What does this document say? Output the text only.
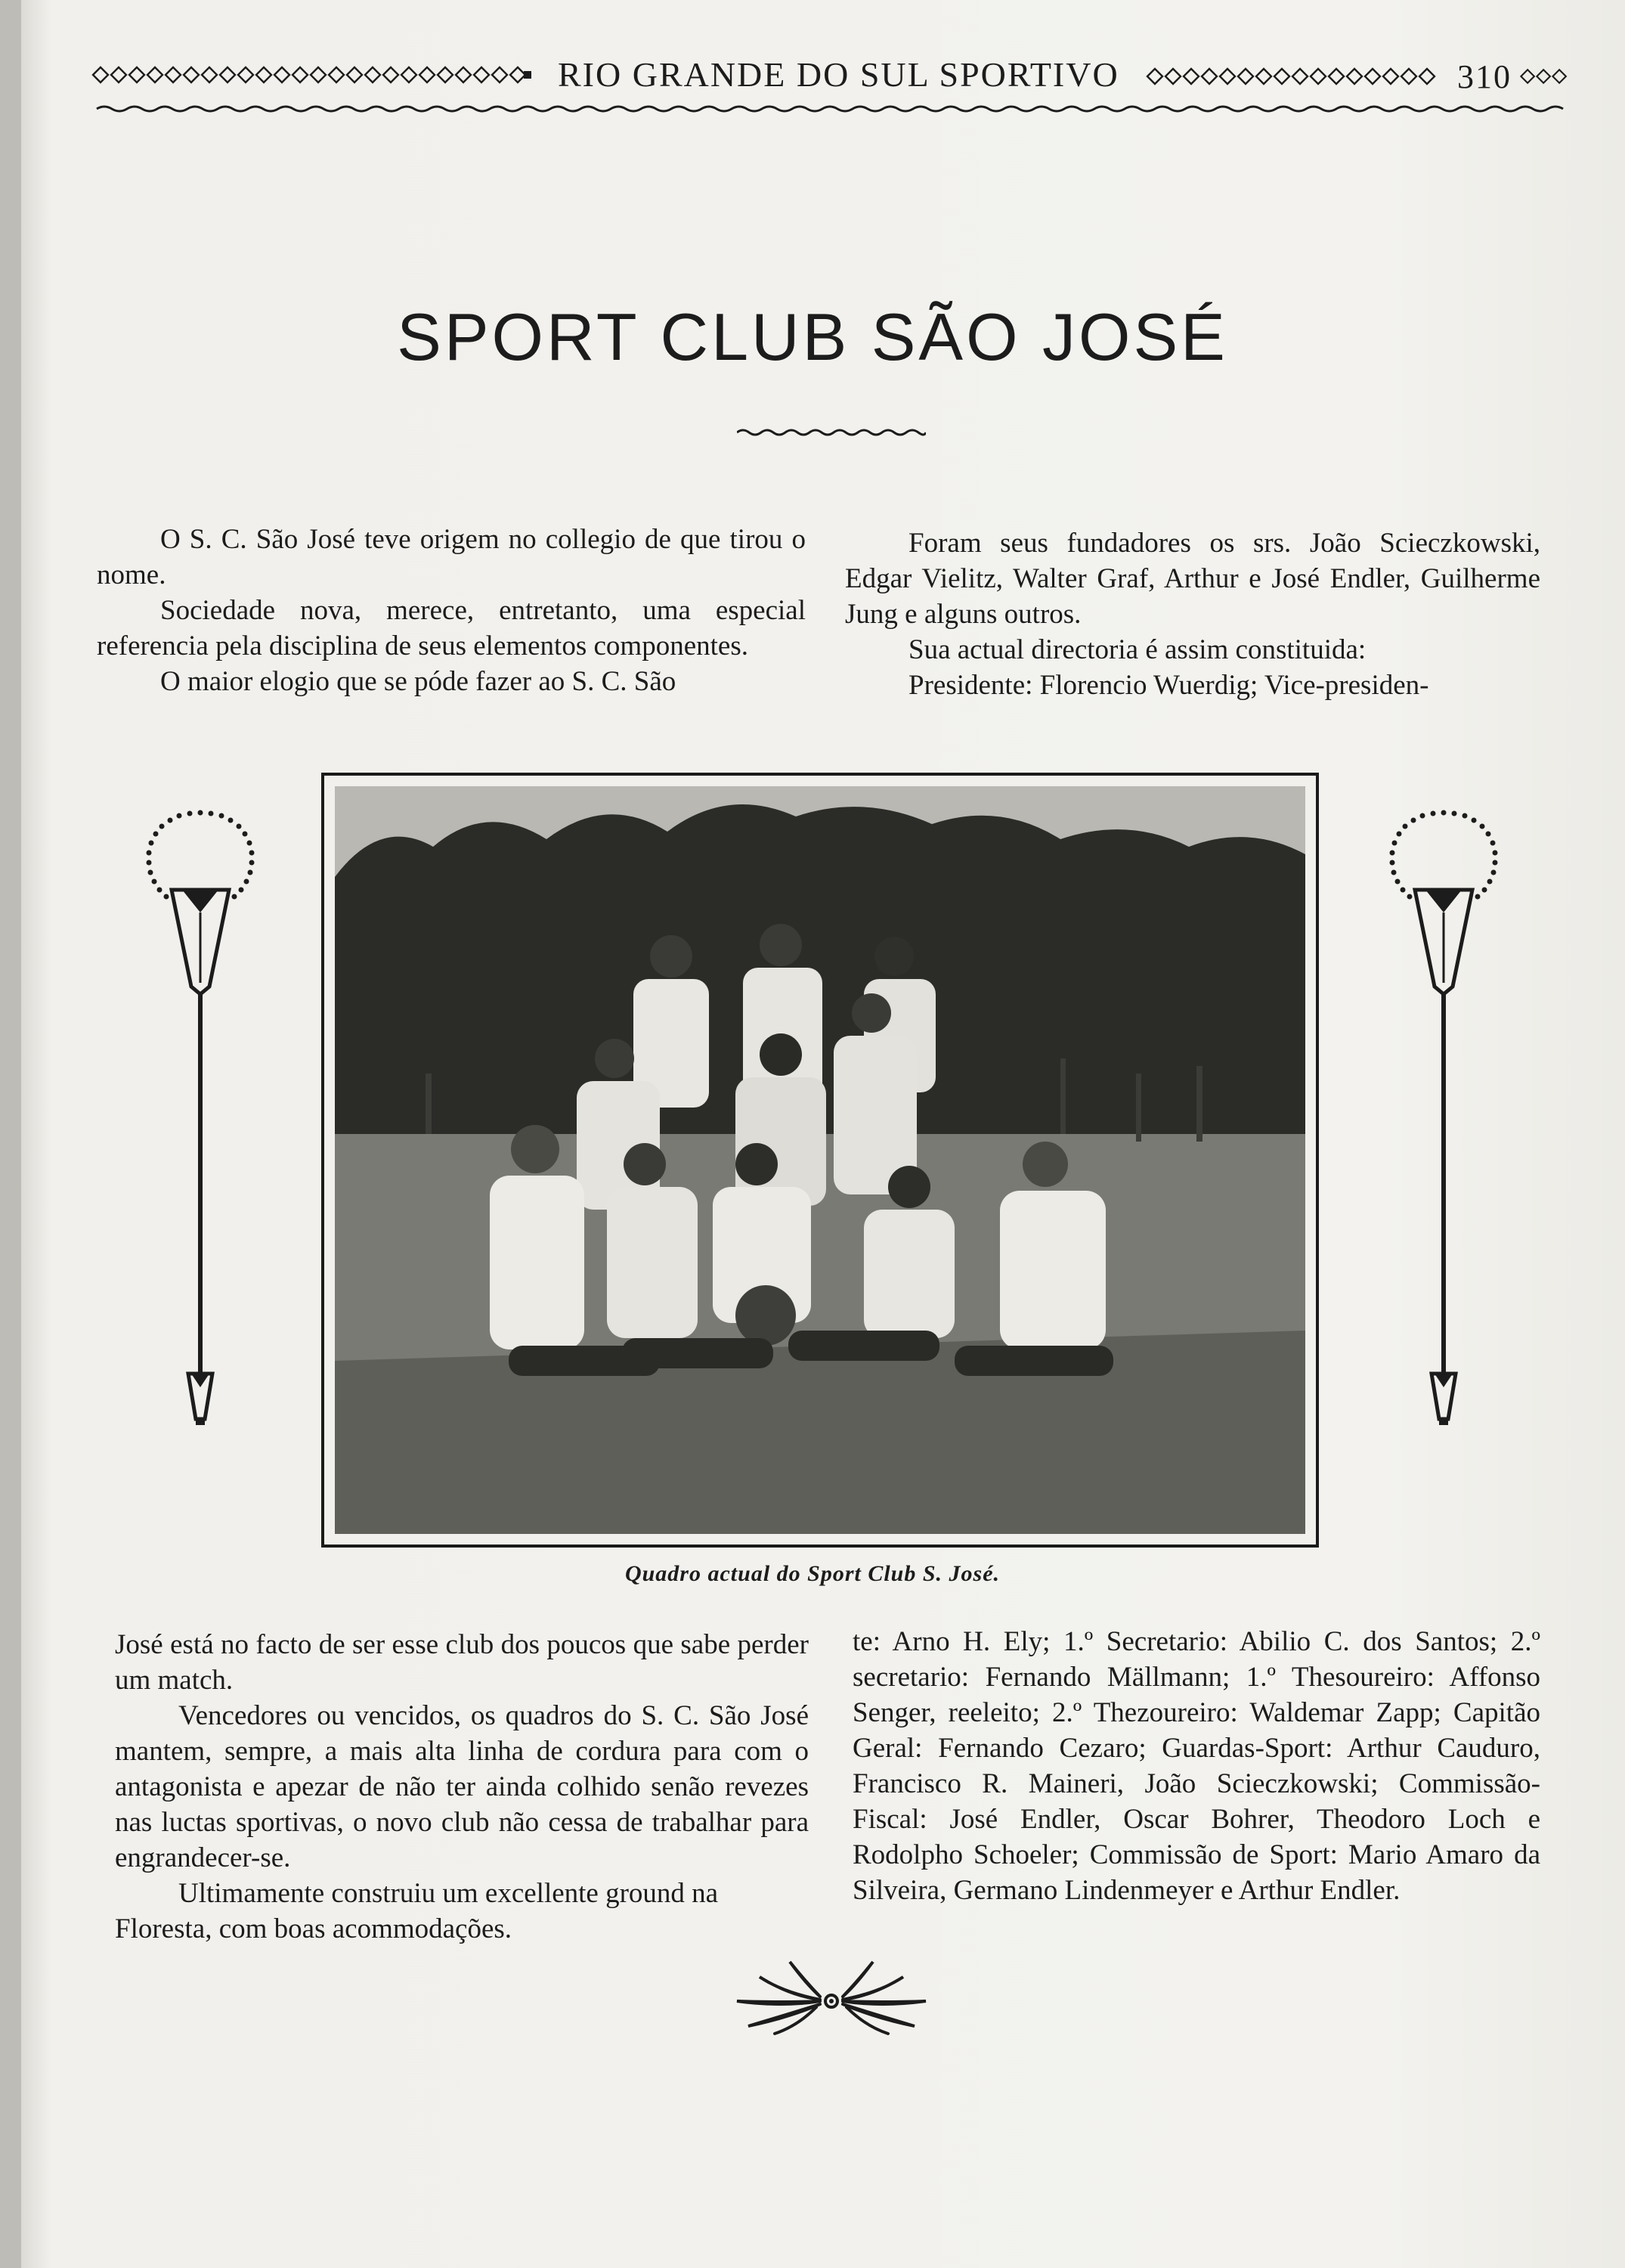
RIO GRANDE DO SUL SPORTIVO	310
SPORT CLUB SÃO JOSÉ

O S. C. São José teve origem no collegio de que tirou o nome.

Sociedade nova, merece, entretanto, uma especial referencia pela disciplina de seus elementos componentes.

O maior elogio que se póde fazer ao S. C. São

Foram seus fundadores os srs. João Scieczkowski, Edgar Vielitz, Walter Graf, Arthur e José Endler, Guilherme Jung e alguns outros.

Sua actual directoria é assim constituida:

Presidente: Florencio Wuerdig; Vice-presiden-

Quadro actual do Sport Club S. José.

José está no facto de ser esse club dos poucos que sabe perder um match.

Vencedores ou vencidos, os quadros do S. C. São José mantem, sempre, a mais alta linha de cordura para com o antagonista e apezar de não ter ainda colhido senão revezes nas luctas sportivas, o novo club não cessa de trabalhar para engrandecer-se.

Ultimamente construiu um excellente ground na Floresta, com boas acommodações.

te: Arno H. Ely; 1.º Secretario: Abilio C. dos Santos; 2.º secretario: Fernando Mällmann; 1.º Thesoureiro: Affonso Senger, reeleito; 2.º Thezoureiro: Waldemar Zapp; Capitão Geral: Fernando Cezaro; Guardas-Sport: Arthur Cauduro, Francisco R. Maineri, João Scieczkowski; Commissão-Fiscal: José Endler, Oscar Bohrer, Theodoro Loch e Rodolpho Schoeler; Commissão de Sport: Mario Amaro da Silveira, Germano Lindenmeyer e Arthur Endler.
